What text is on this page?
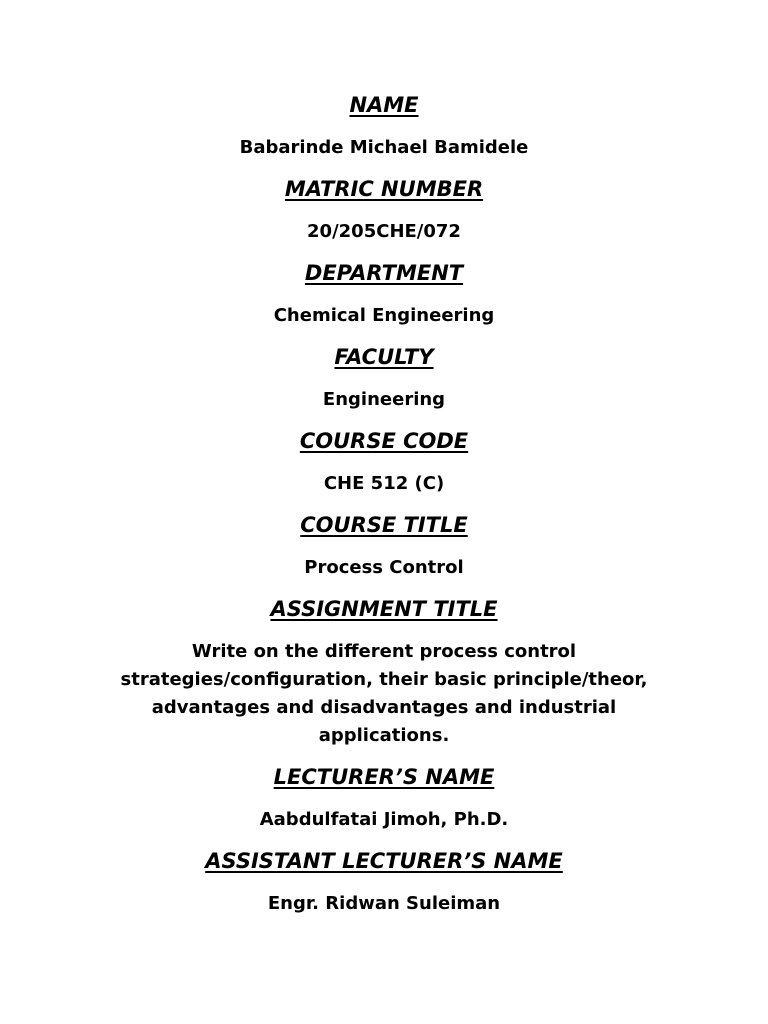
NAME
Babarinde Michael Bamidele
MATRIC NUMBER
20/205CHE/072
DEPARTMENT
Chemical Engineering
FACULTY
Engineering
COURSE CODE
CHE 512 (C)
COURSE TITLE
Process Control
ASSIGNMENT TITLE
Write on the different process control strategies/configuration, their basic principle/theor, advantages and disadvantages and industrial applications.
LECTURER’S NAME
Aabdulfatai Jimoh, Ph.D.
ASSISTANT LECTURER’S NAME
Engr. Ridwan Suleiman
